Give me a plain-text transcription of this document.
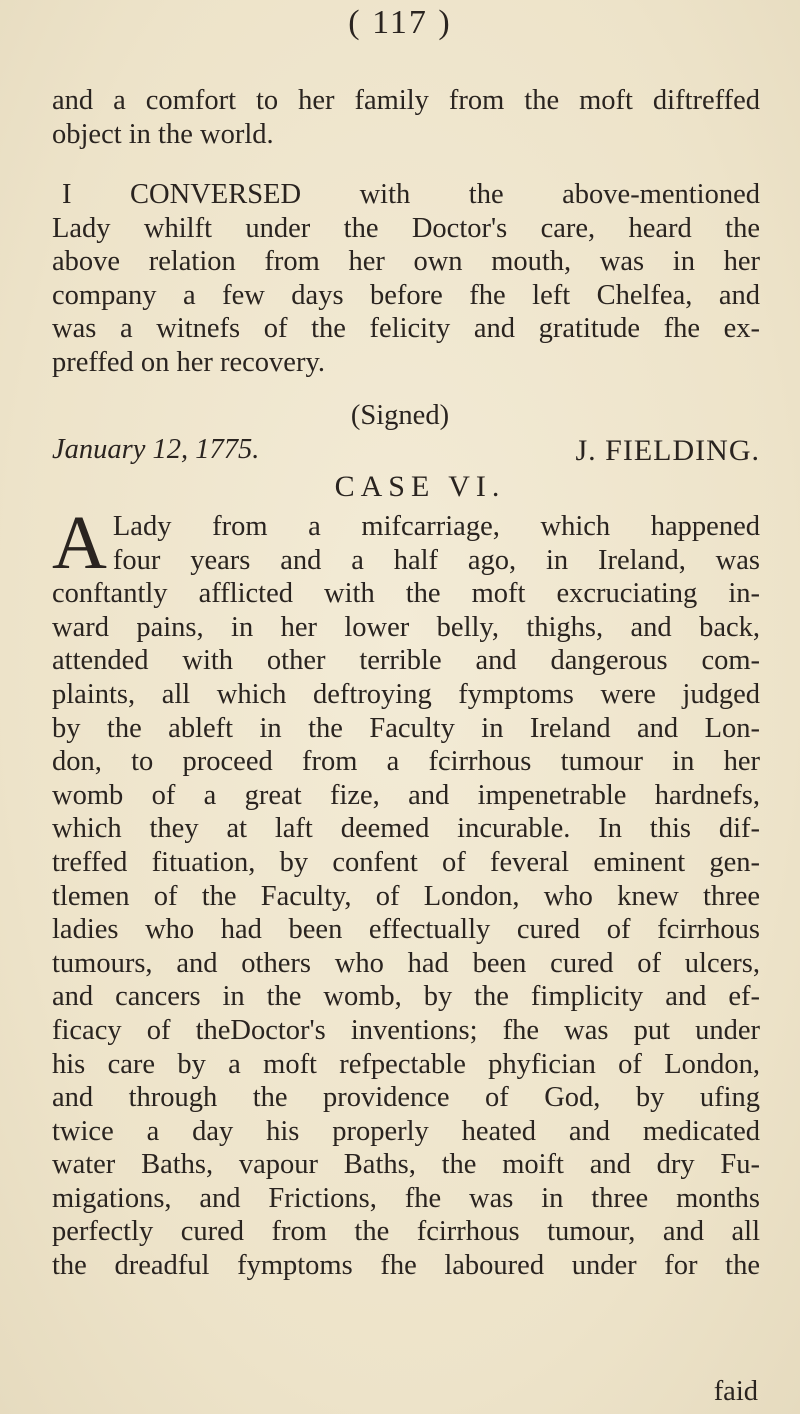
( 117 )
and a comfort to her family from the moft diftreffed
object in the world.
I CONVERSED with the above-mentioned
Lady whilft under the Doctor's care, heard the
above relation from her own mouth, was in her
company a few days before fhe left Chelfea, and
was a witnefs of the felicity and gratitude fhe ex-
preffed on her recovery.
(Signed)
January 12, 1775.	J. FIELDING.
CASE VI.
A Lady from a mifcarriage, which happened
four years and a half ago, in Ireland, was
conftantly afflicted with the moft excruciating in-
ward pains, in her lower belly, thighs, and back,
attended with other terrible and dangerous com-
plaints, all which deftroying fymptoms were judged
by the ableft in the Faculty in Ireland and Lon-
don, to proceed from a fcirrhous tumour in her
womb of a great fize, and impenetrable hardnefs,
which they at laft deemed incurable. In this dif-
treffed fituation, by confent of feveral eminent gen-
tlemen of the Faculty, of London, who knew three
ladies who had been effectually cured of fcirrhous
tumours, and others who had been cured of ulcers,
and cancers in the womb, by the fimplicity and ef-
ficacy of theDoctor's inventions; fhe was put under
his care by a moft refpectable phyfician of London,
and through the providence of God, by ufing
twice a day his properly heated and medicated
water Baths, vapour Baths, the moift and dry Fu-
migations, and Frictions, fhe was in three months
perfectly cured from the fcirrhous tumour, and all
the dreadful fymptoms fhe laboured under for the
faid
